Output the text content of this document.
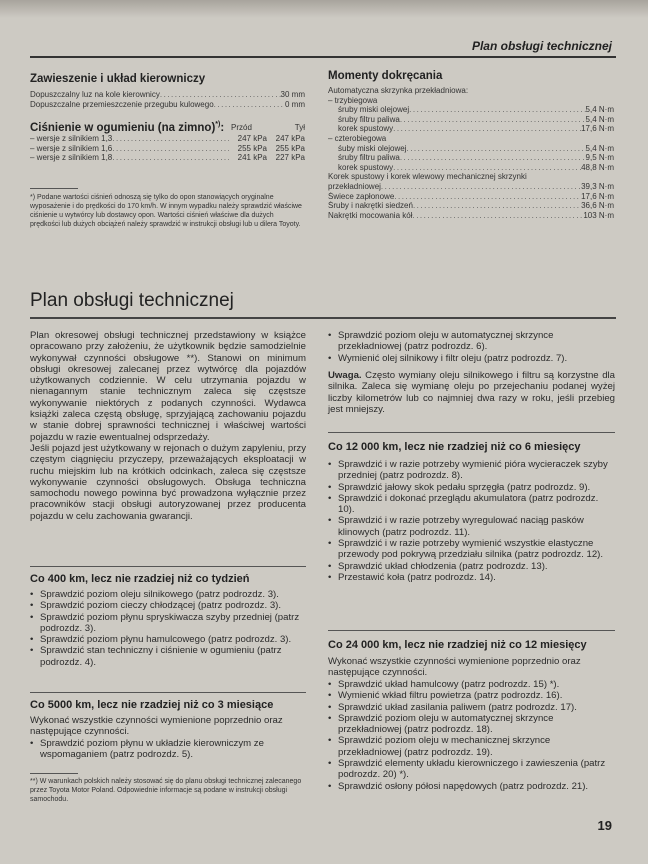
Plan obsługi technicznej
Zawieszenie i układ kierowniczy
Dopuszczalny luz na kole kierownicy .....	30 mm
Dopuszczalne przemieszczenie przegubu kulowego .....	0 mm
Ciśnienie w ogumieniu (na zimno)*): Przód	Tył
– wersje z silnikiem 1,3 .....	247 kPa	247 kPa
– wersje z silnikiem 1,6 .....	255 kPa	255 kPa
– wersje z silnikiem 1,8 .....	241 kPa	227 kPa
*) Podane wartości ciśnień odnoszą się tylko do opon stanowiących oryginalne wyposażenie i do prędkości do 170 km/h. W innym wypadku należy sprawdzić właściwe ciśnienie u wytwórcy lub dostawcy opon. Wartości ciśnień właściwe dla dużych prędkości lub dużych obciążeń należy sprawdzić w instrukcji obsługi lub u dilera Toyoty.
Momenty dokręcania
Automatyczna skrzynka przekładniowa:
– trzybiegowa
śruby miski olejowej .....	5,4 N·m
śruby filtru paliwa .....	5,4 N·m
korek spustowy .....	17,6 N·m
– czterobiegowa
śuby miski olejowej .....	5,4 N·m
śruby filtru paliwa .....	9,5 N·m
korek spustowy .....	48,8 N·m
Korek spustowy i korek wlewowy mechanicznej skrzynki
przekładniowej .....	39,3 N·m
Świece zapłonowe .....	17,6 N·m
Śruby i nakrętki siedzeń .....	36,6 N·m
Nakrętki mocowania kół .....	103 N·m
Plan obsługi technicznej

Plan okresowej obsługi technicznej przedstawiony w książce opracowano przy założeniu, że użytkownik będzie samodzielnie wykonywał czynności obsługowe **). Stanowi on minimum obsługi okresowej zalecanej przez wytwórcę dla pojazdów użytkowanych codziennie. W celu utrzymania pojazdu w nienagannym stanie technicznym zaleca się częstsze wykonywanie niektórych z podanych czynności. Wydawca książki zaleca częstą obsługę, sprzyjającą zachowaniu pojazdu w stanie dobrej sprawności technicznej i właściwej wartości pojazdu w razie ewentualnej odsprzedaży.

Jeśli pojazd jest użytkowany w rejonach o dużym zapyleniu, przy częstym ciągnięciu przyczepy, przeważających eksploatacji w ruchu miejskim lub na krótkich odcinkach, zaleca się częstsze wykonywanie czynności obsługowych. Obsługa techniczna samochodu nowego powinna być prowadzona wyłącznie przez pracowników stacji obsługi autoryzowanej przez producenta pojazdu w celu zachowania gwarancji.

Co 400 km, lecz nie rzadziej niż co tydzień
• Sprawdzić poziom oleju silnikowego (patrz podrozdz. 3).
• Sprawdzić poziom cieczy chłodzącej (patrz podrozdz. 3).
• Sprawdzić poziom płynu spryskiwacza szyby przedniej (patrz podrozdz. 3).
• Sprawdzić poziom płynu hamulcowego (patrz podrozdz. 3).
• Sprawdzić stan techniczny i ciśnienie w ogumieniu (patrz podrozdz. 4).
Co 5000 km, lecz nie rzadziej niż co 3 miesiące
Wykonać wszystkie czynności wymienione poprzednio oraz następujące czynności.
• Sprawdzić poziom płynu w układzie kierowniczym ze wspomaganiem (patrz podrozdz. 5).
**) W warunkach polskich należy stosować się do planu obsługi technicznej zalecanego przez Toyota Motor Poland. Odpowiednie informacje są podane w instrukcji obsługi samochodu.
• Sprawdzić poziom oleju w automatycznej skrzynce przekładniowej (patrz podrozdz. 6).
• Wymienić olej silnikowy i filtr oleju (patrz podrozdz. 7).
Uwaga. Często wymiany oleju silnikowego i filtru są korzystne dla silnika. Zaleca się wymianę oleju po przejechaniu podanej wyżej liczby kilometrów lub co najmniej dwa razy w roku, jeśli przebieg jest mniejszy.
Co 12 000 km, lecz nie rzadziej niż co 6 miesięcy
• Sprawdzić i w razie potrzeby wymienić pióra wycieraczek szyby przedniej (patrz podrozdz. 8).
• Sprawdzić jałowy skok pedału sprzęgła (patrz podrozdz. 9).
• Sprawdzić i dokonać przeglądu akumulatora (patrz podrozdz. 10).
• Sprawdzić i w razie potrzeby wyregulować naciąg pasków klinowych (patrz podrozdz. 11).
• Sprawdzić i w razie potrzeby wymienić wszystkie elastyczne przewody pod pokrywą przedziału silnika (patrz podrozdz. 12).
• Sprawdzić układ chłodzenia (patrz podrozdz. 13).
• Przestawić koła (patrz podrozdz. 14).
Co 24 000 km, lecz nie rzadziej niż co 12 miesięcy
Wykonać wszystkie czynności wymienione poprzednio oraz następujące czynności.
• Sprawdzić układ hamulcowy (patrz podrozdz. 15) *).
• Wymienić wkład filtru powietrza (patrz podrozdz. 16).
• Sprawdzić układ zasilania paliwem (patrz podrozdz. 17).
• Sprawdzić poziom oleju w automatycznej skrzynce przekładniowej (patrz podrozdz. 18).
• Sprawdzić poziom oleju w mechanicznej skrzynce przekładniowej (patrz podrozdz. 19).
• Sprawdzić elementy układu kierowniczego i zawieszenia (patrz podrozdz. 20) *).
• Sprawdzić osłony półosi napędowych (patrz podrozdz. 21).
19
